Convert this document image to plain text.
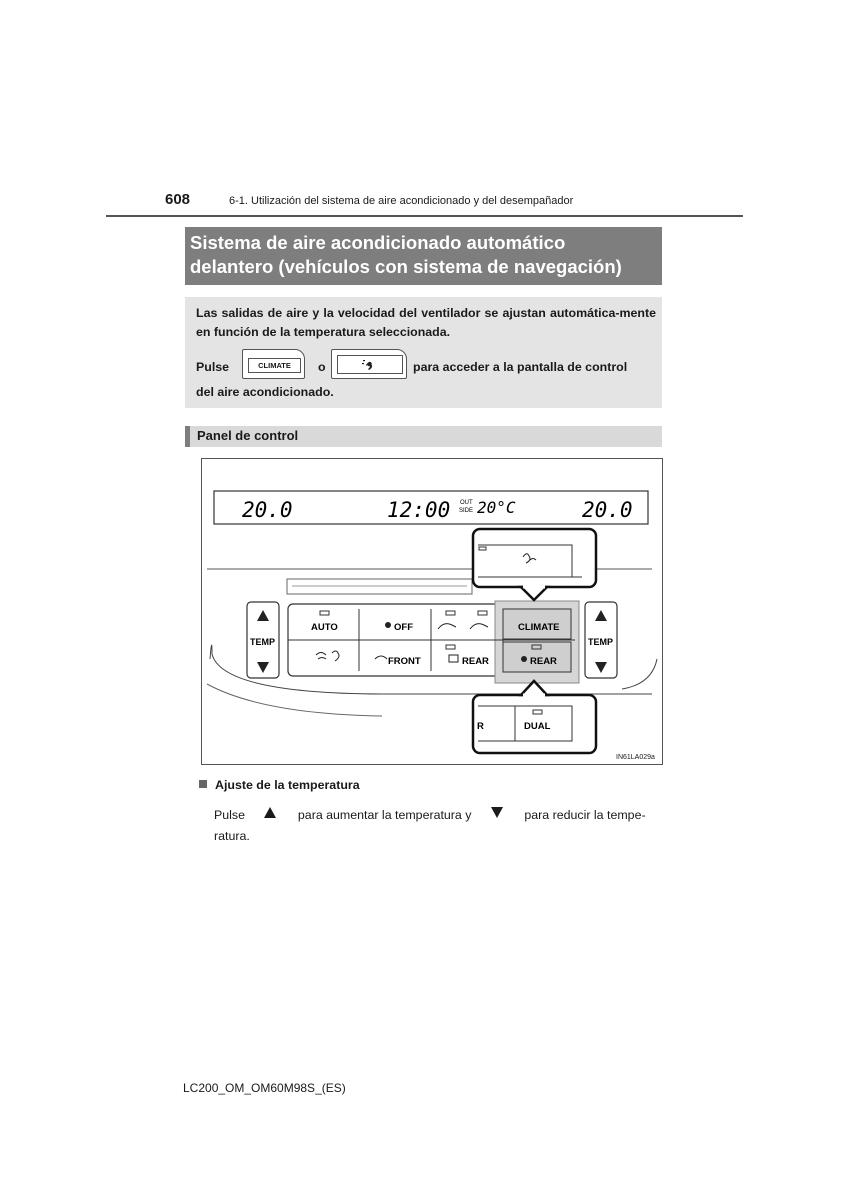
608	6-1. Utilización del sistema de aire acondicionado y del desempañador
Sistema de aire acondicionado automático
delantero (vehículos con sistema de navegación)
Las salidas de aire y la velocidad del ventilador se ajustan automática-mente en función de la temperatura seleccionada.
Pulse	CLIMATE	o	para acceder a la pantalla de control
del aire acondicionado.
Panel de control
20.0	12:00 OUT
SIDE 20°C	20.0
TEMP	TEMP
AUTO	OFF	CLIMATE
FRONT	REAR	REAR
R	DUAL
IN61LA029a
Ajuste de la temperatura
Pulse	para aumentar la temperatura y	para reducir la tempe-ratura.
LC200_OM_OM60M98S_(ES)
